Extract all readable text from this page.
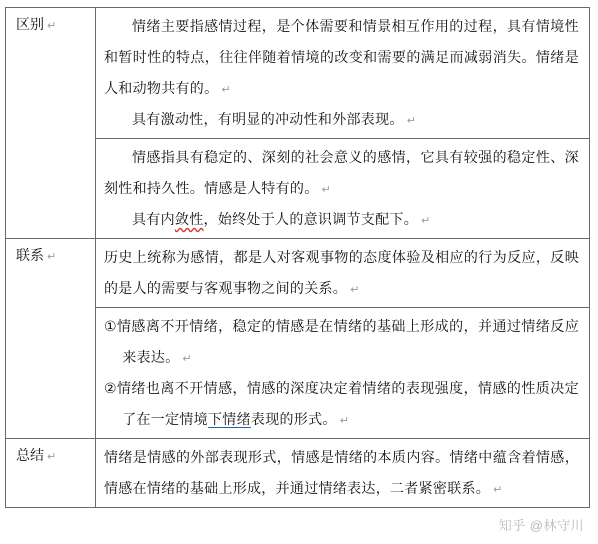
区别 ↵	情绪主要指感情过程，是个体需要和情景相互作用的过程，具有情境性和暂时性的特点，往往伴随着情境的改变和需要的满足而减弱消失。情绪是人和动物共有的。 ↵

具有激动性，有明显的冲动性和外部表现。 ↵

	情感指具有稳定的、深刻的社会意义的感情，它具有较强的稳定性、深刻性和持久性。情感是人特有的。 ↵

具有内敛性，始终处于人的意识调节支配下。 ↵

联系 ↵	历史上统称为感情，都是人对客观事物的态度体验及相应的行为反应，反映的是人的需要与客观事物之间的关系。 ↵

	①情感离不开情绪，稳定的情感是在情绪的基础上形成的，并通过情绪反应来表达。 ↵

②情绪也离不开情感，情感的深度决定着情绪的表现强度，情感的性质决定了在一定情境下情绪表现的形式。 ↵

总结 ↵	情绪是情感的外部表现形式，情感是情绪的本质内容。情绪中蕴含着情感，情感在情绪的基础上形成，并通过情绪表达，二者紧密联系。 ↵

知乎 @林守川
